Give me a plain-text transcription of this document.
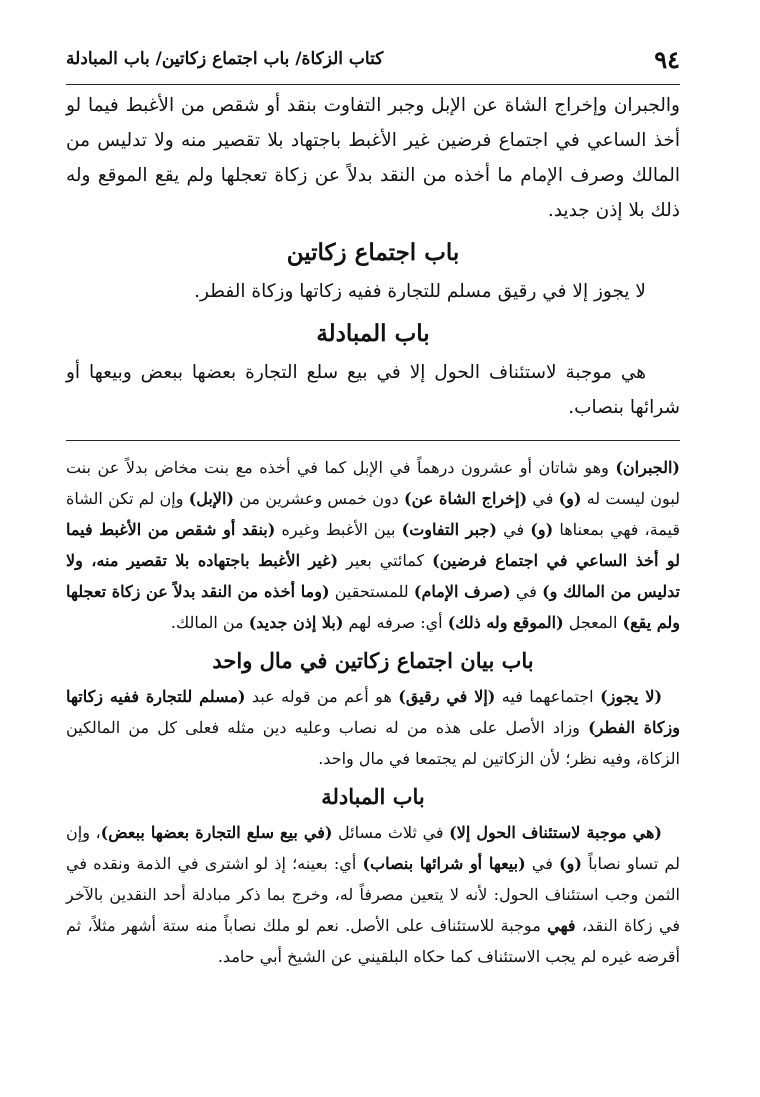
٩٤
كتاب الزكاة/ باب اجتماع زكاتين/ باب المبادلة

والجبران وإخراج الشاة عن الإبل وجبر التفاوت بنقد أو شقص من الأغبط فيما لو أخذ الساعي في اجتماع فرضين غير الأغبط باجتهاد بلا تقصير منه ولا تدليس من المالك وصرف الإمام ما أخذه من النقد بدلاً عن زكاة تعجلها ولم يقع الموقع وله ذلك بلا إذن جديد.

باب اجتماع زكاتين

لا يجوز إلا في رقيق مسلم للتجارة ففيه زكاتها وزكاة الفطر.

باب المبادلة

هي موجبة لاستئناف الحول إلا في بيع سلع التجارة بعضها ببعض وبيعها أو شرائها بنصاب.

(الجبران) وهو شاتان أو عشرون درهماً في الإبل كما في أخذه مع بنت مخاض بدلاً عن بنت لبون ليست له (و) في (إخراج الشاة عن) دون خمس وعشرين من (الإبل) وإن لم تكن الشاة قيمة، فهي بمعناها (و) في (جبر التفاوت) بين الأغبط وغيره (بنقد أو شقص من الأغبط فيما لو أخذ الساعي في اجتماع فرضين) كمائتي بعير (غير الأغبط باجتهاده بلا تقصير منه، ولا تدليس من المالك و) في (صرف الإمام) للمستحقين (وما أخذه من النقد بدلاً عن زكاة تعجلها ولم يقع) المعجل (الموقع وله ذلك) أي: صرفه لهم (بلا إذن جديد) من المالك.

باب بيان اجتماع زكاتين في مال واحد

(لا يجوز) اجتماعهما فيه (إلا في رقيق) هو أعم من قوله عبد (مسلم للتجارة ففيه زكاتها وزكاة الفطر) وزاد الأصل على هذه من له نصاب وعليه دين مثله فعلى كل من المالكين الزكاة، وفيه نظر؛ لأن الزكاتين لم يجتمعا في مال واحد.

باب المبادلة

(هي موجبة لاستئناف الحول إلا) في ثلاث مسائل (في بيع سلع التجارة بعضها ببعض)، وإن لم تساو نصاباً (و) في (بيعها أو شرائها بنصاب) أي: بعينه؛ إذ لو اشترى في الذمة ونقده في الثمن وجب استئناف الحول: لأنه لا يتعين مصرفاً له، وخرج بما ذكر مبادلة أحد النقدين بالآخر في زكاة النقد، فهي موجبة للاستئناف على الأصل. نعم لو ملك نصاباً منه ستة أشهر مثلاً، ثم أقرضه غيره لم يجب الاستئناف كما حكاه البلقيني عن الشيخ أبي حامد.
